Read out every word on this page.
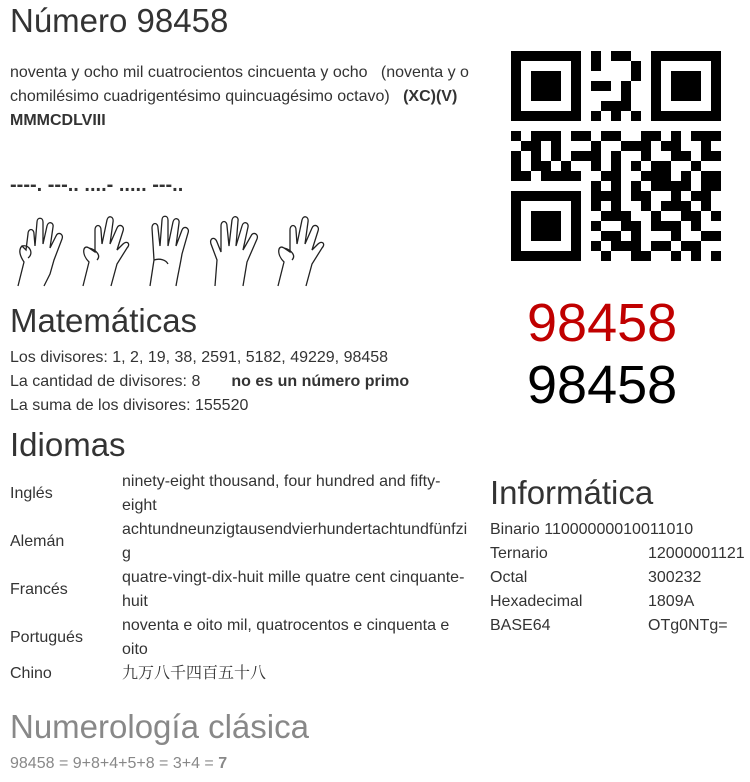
Número 98458
noventa y ocho mil cuatrocientos cincuenta y ocho (noventa y o
chomilésimo cuadrigentésimo quincuagésimo octavo) (XC)(V)
MMMCDLVIII
----. ---.. ....- ..... ---..
98458
98458
Matemáticas
Los divisores: 1, 2, 19, 38, 2591, 5182, 49229, 98458
La cantidad de divisores: 8 no es un número primo
La suma de los divisores: 155520
Idiomas
Inglés	ninety-eight thousand, four hundred and fifty-
eight

Alemán	achtundneunzigtausendvierhundertachtundfünfzi
g

Francés	quatre-vingt-dix-huit mille quatre cent cinquante-
huit

Portugués	noventa e oito mil, quatrocentos e cinquenta e
oito

Chino	九万八千四百五十八
Informática
Binario 11000000010011010
Ternario	12000001121
Octal	300232
Hexadecimal	1809A
BASE64	OTg0NTg=
Numerología clásica
98458 = 9+8+4+5+8 = 3+4 = 7
